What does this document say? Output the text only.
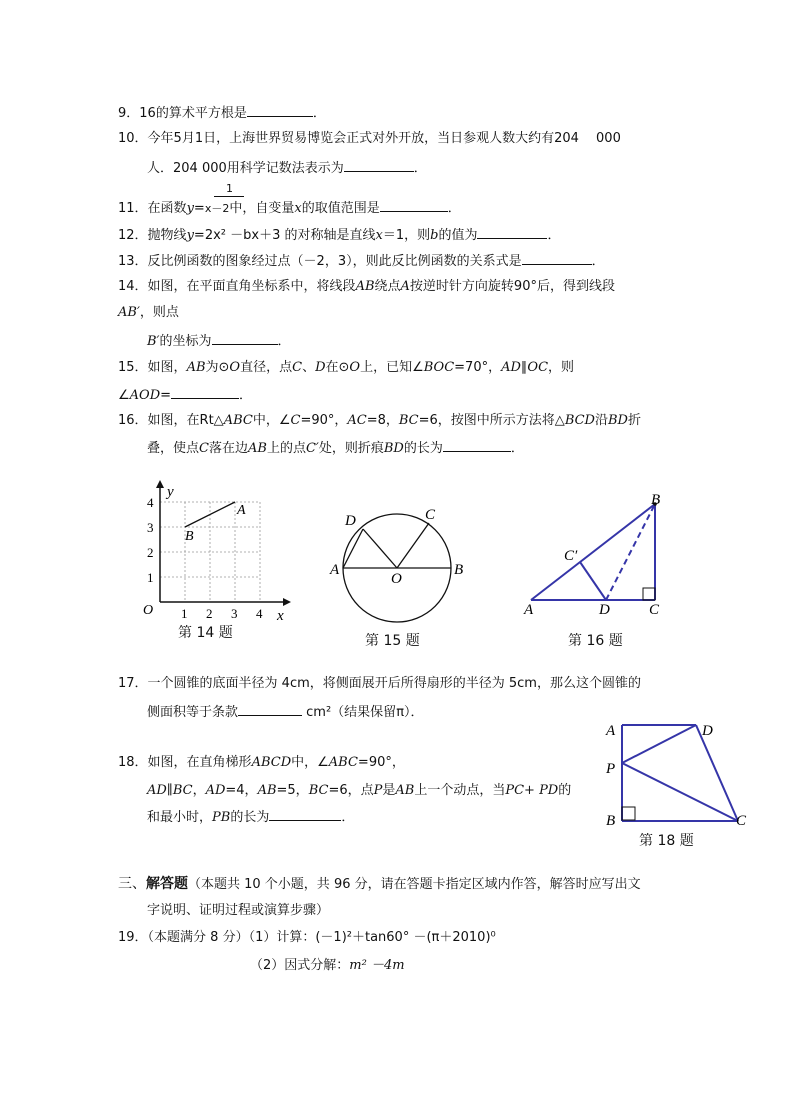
9．16的算术平方根是	．
10．今年5月1日，上海世界贸易博览会正式对外开放，当日参观人数大约有204 　000
人．204 000用科学记数法表示为	．
1
11．在函数y=x－2中，自变量x的取值范围是	．
12．抛物线y=2x² －bx＋3 的对称轴是直线x＝1，则b的值为	．
13．反比例函数的图象经过点（－2，3），则此反比例函数的关系式是	．
14．如图，在平面直角坐标系中，将线段AB绕点A按逆时针方向旋转90°后，得到线段
AB′，则点
B′的坐标为	．
15．如图，AB为⊙O直径，点C、D在⊙O上，已知∠BOC=70°，AD∥OC，则
∠AOD=	．
16．如图，在Rt△ABC中，∠C=90°，AC=8，BC=6，按图中所示方法将△BCD沿BD折
叠，使点C落在边AB上的点C′处，则折痕BD的长为	．
y
x
O
A
B
1 2 3 4
1
2
3
4
第 14 题
A	B
C
D
O
第 15 题
A
B
C
D
C′
第 16 题
17．一个圆锥的底面半径为 4cm，将侧面展开后所得扇形的半径为 5cm，那么这个圆锥的
侧面积等于条款	cm²（结果保留π）．
18．如图，在直角梯形ABCD中，∠ABC=90°，
AD∥BC，AD=4，AB=5，BC=6，点P是AB上一个动点，当PC+ PD的
和最小时，PB的长为	．
A
B	C
D
P
第 18 题
三、解答题（本题共 10 个小题，共 96 分，请在答题卡指定区域内作答，解答时应写出文
字说明、证明过程或演算步骤）
19．（本题满分 8 分）（1）计算：(－1)²＋tan60° －(π＋2010)⁰
（2）因式分解：m² －4m
